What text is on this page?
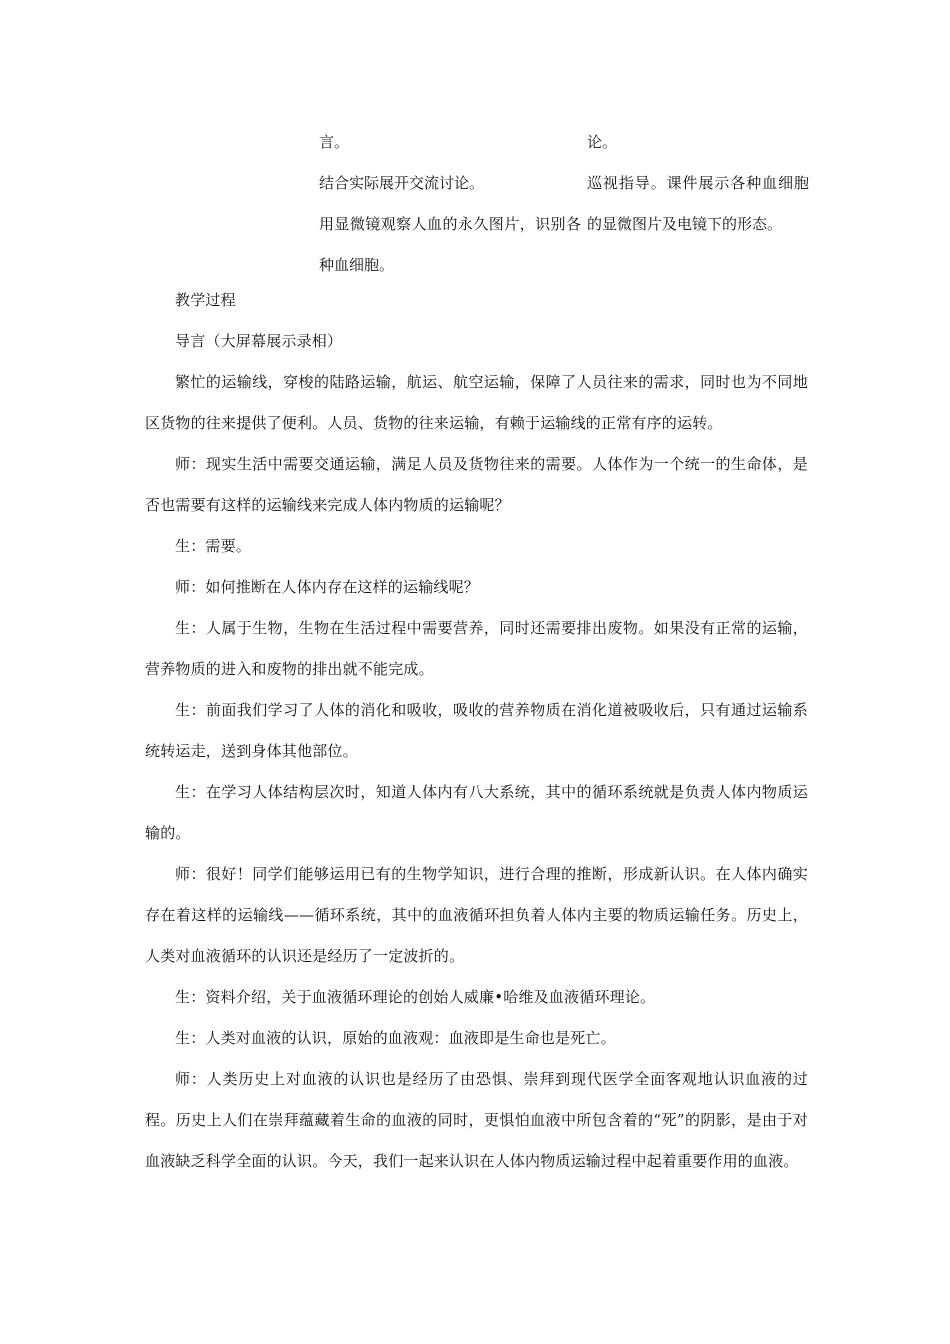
言。

结合实际展开交流讨论。

用显微镜观察人血的永久图片，识别各种血细胞。

论。

巡视指导。课件展示各种血细胞的显微图片及电镜下的形态。

教学过程

导言（大屏幕展示录相）

繁忙的运输线，穿梭的陆路运输，航运、航空运输，保障了人员往来的需求，同时也为不同地区货物的往来提供了便利。人员、货物的往来运输，有赖于运输线的正常有序的运转。

师：现实生活中需要交通运输，满足人员及货物往来的需要。人体作为一个统一的生命体，是否也需要有这样的运输线来完成人体内物质的运输呢？

生：需要。

师：如何推断在人体内存在这样的运输线呢？

生：人属于生物，生物在生活过程中需要营养，同时还需要排出废物。如果没有正常的运输，营养物质的进入和废物的排出就不能完成。

生：前面我们学习了人体的消化和吸收，吸收的营养物质在消化道被吸收后，只有通过运输系统转运走，送到身体其他部位。

生：在学习人体结构层次时，知道人体内有八大系统，其中的循环系统就是负责人体内物质运输的。

师：很好！同学们能够运用已有的生物学知识，进行合理的推断，形成新认识。在人体内确实存在着这样的运输线——循环系统，其中的血液循环担负着人体内主要的物质运输任务。历史上，人类对血液循环的认识还是经历了一定波折的。

生：资料介绍，关于血液循环理论的创始人威廉•哈维及血液循环理论。

生：人类对血液的认识，原始的血液观：血液即是生命也是死亡。

师：人类历史上对血液的认识也是经历了由恐惧、崇拜到现代医学全面客观地认识血液的过程。历史上人们在崇拜蕴藏着生命的血液的同时，更惧怕血液中所包含着的“死”的阴影，是由于对血液缺乏科学全面的认识。今天，我们一起来认识在人体内物质运输过程中起着重要作用的血液。
